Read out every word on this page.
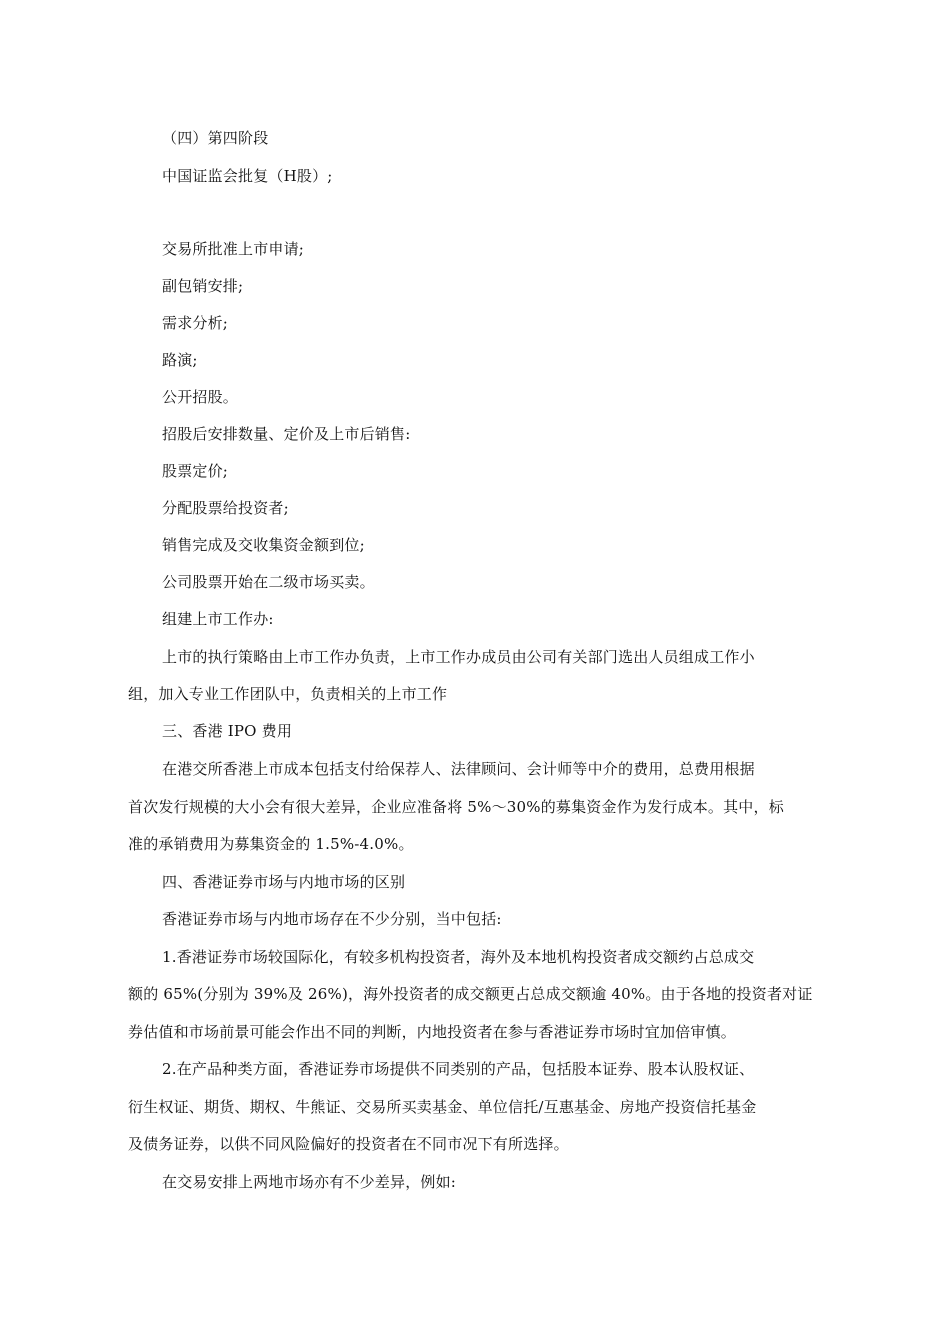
（四）第四阶段
中国证监会批复（H股）;
交易所批准上市申请;
副包销安排;
需求分析;
路演;
公开招股。
招股后安排数量、定价及上市后销售:
股票定价;
分配股票给投资者;
销售完成及交收集资金额到位;
公司股票开始在二级市场买卖。
组建上市工作办:
上市的执行策略由上市工作办负责，上市工作办成员由公司有关部门选出人员组成工作小
组，加入专业工作团队中，负责相关的上市工作
三、香港 IPO 费用
在港交所香港上市成本包括支付给保荐人、法律顾问、会计师等中介的费用，总费用根据
首次发行规模的大小会有很大差异，企业应准备将 5%～30%的募集资金作为发行成本。其中，标
准的承销费用为募集资金的 1.5%-4.0%。
四、香港证券市场与内地市场的区别
香港证券市场与内地市场存在不少分别，当中包括:
1.香港证券市场较国际化，有较多机构投资者，海外及本地机构投资者成交额约占总成交
额的 65%(分别为 39%及 26%)，海外投资者的成交额更占总成交额逾 40%。由于各地的投资者对证
券估值和市场前景可能会作出不同的判断，内地投资者在参与香港证券市场时宜加倍审慎。
2.在产品种类方面，香港证券市场提供不同类别的产品，包括股本证券、股本认股权证、
衍生权证、期货、期权、牛熊证、交易所买卖基金、单位信托/互惠基金、房地产投资信托基金
及债务证券，以供不同风险偏好的投资者在不同市况下有所选择。
在交易安排上两地市场亦有不少差异，例如:
